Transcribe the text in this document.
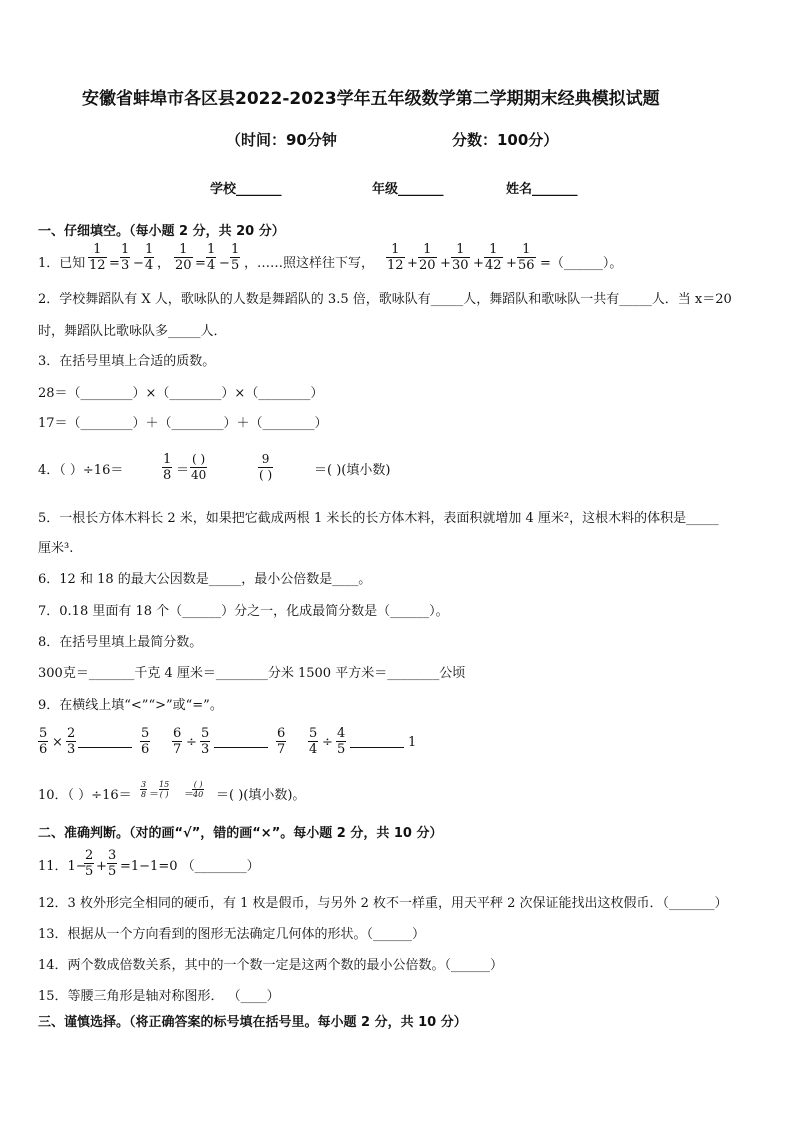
安徽省蚌埠市各区县2022-2023学年五年级数学第二学期期末经典模拟试题
（时间：90分钟	分数：100分）
学校_______	年级_______	姓名_______
一、仔细填空。（每小题 2 分，共 20 分）
1．已知 $\frac{1}{12} = \frac{1}{3} - \frac{1}{4}$ ， $\frac{1}{20} = \frac{1}{4} - \frac{1}{5}$ ，……照这样往下写， $\frac{1}{12} + \frac{1}{20} + \frac{1}{30} + \frac{1}{42} + \frac{1}{56}$ =（______）。
2．学校舞蹈队有 X 人，歌咏队的人数是舞蹈队的 3.5 倍，歌咏队有_____人，舞蹈队和歌咏队一共有_____人．当 x＝20
时，舞蹈队比歌咏队多_____人．
3．在括号里填上合适的质数。
28＝（________）×（________）×（________）
17＝（________）＋（________）＋（________）
4．（ ）÷16＝	$\frac{1}{8}$ ＝
( )
40
9
( )	＝( )(填小数)
5．一根长方体木料长 2 米，如果把它截成两根 1 米长的长方体木料，表面积就增加 4 厘米²，这根木料的体积是_____
厘米³.
6．12 和 18 的最大公因数是_____，最小公倍数是____。
7．0.18 里面有 18 个（______）分之一，化成最简分数是（______）。
8．在括号里填上最简分数。
300克＝_______千克 4 厘米＝________分米 1500 平方米＝________公顷
9．在横线上填“<”“>”或“=”。
$\frac{5}{6} \times \frac{2}{3}$	$\frac{5}{6} \frac{6}{7} \div \frac{5}{3}$	$\frac{6}{7} \frac{5}{4} \div \frac{4}{5}$	1
10．（ ）$\div 16= \frac{3}{8}$ ＝
15
( ) ＝
( )
40 ＝( )(填小数)。
二、准确判断。（对的画“√”，错的画“×”。每小题 2 分，共 10 分）
11．1−
$\frac{2}{5} + \frac{3}{5} =1-1=0$ （________）
12．3 枚外形完全相同的硬币，有 1 枚是假币，与另外 2 枚不一样重，用天平秤 2 次保证能找出这枚假币．（_______）
13．根据从一个方向看到的图形无法确定几何体的形状。（______）
14．两个数成倍数关系，其中的一个数一定是这两个数的最小公倍数。（______）
15．等腰三角形是轴对称图形． （____）
三、谨慎选择。（将正确答案的标号填在括号里。每小题 2 分，共 10 分）
